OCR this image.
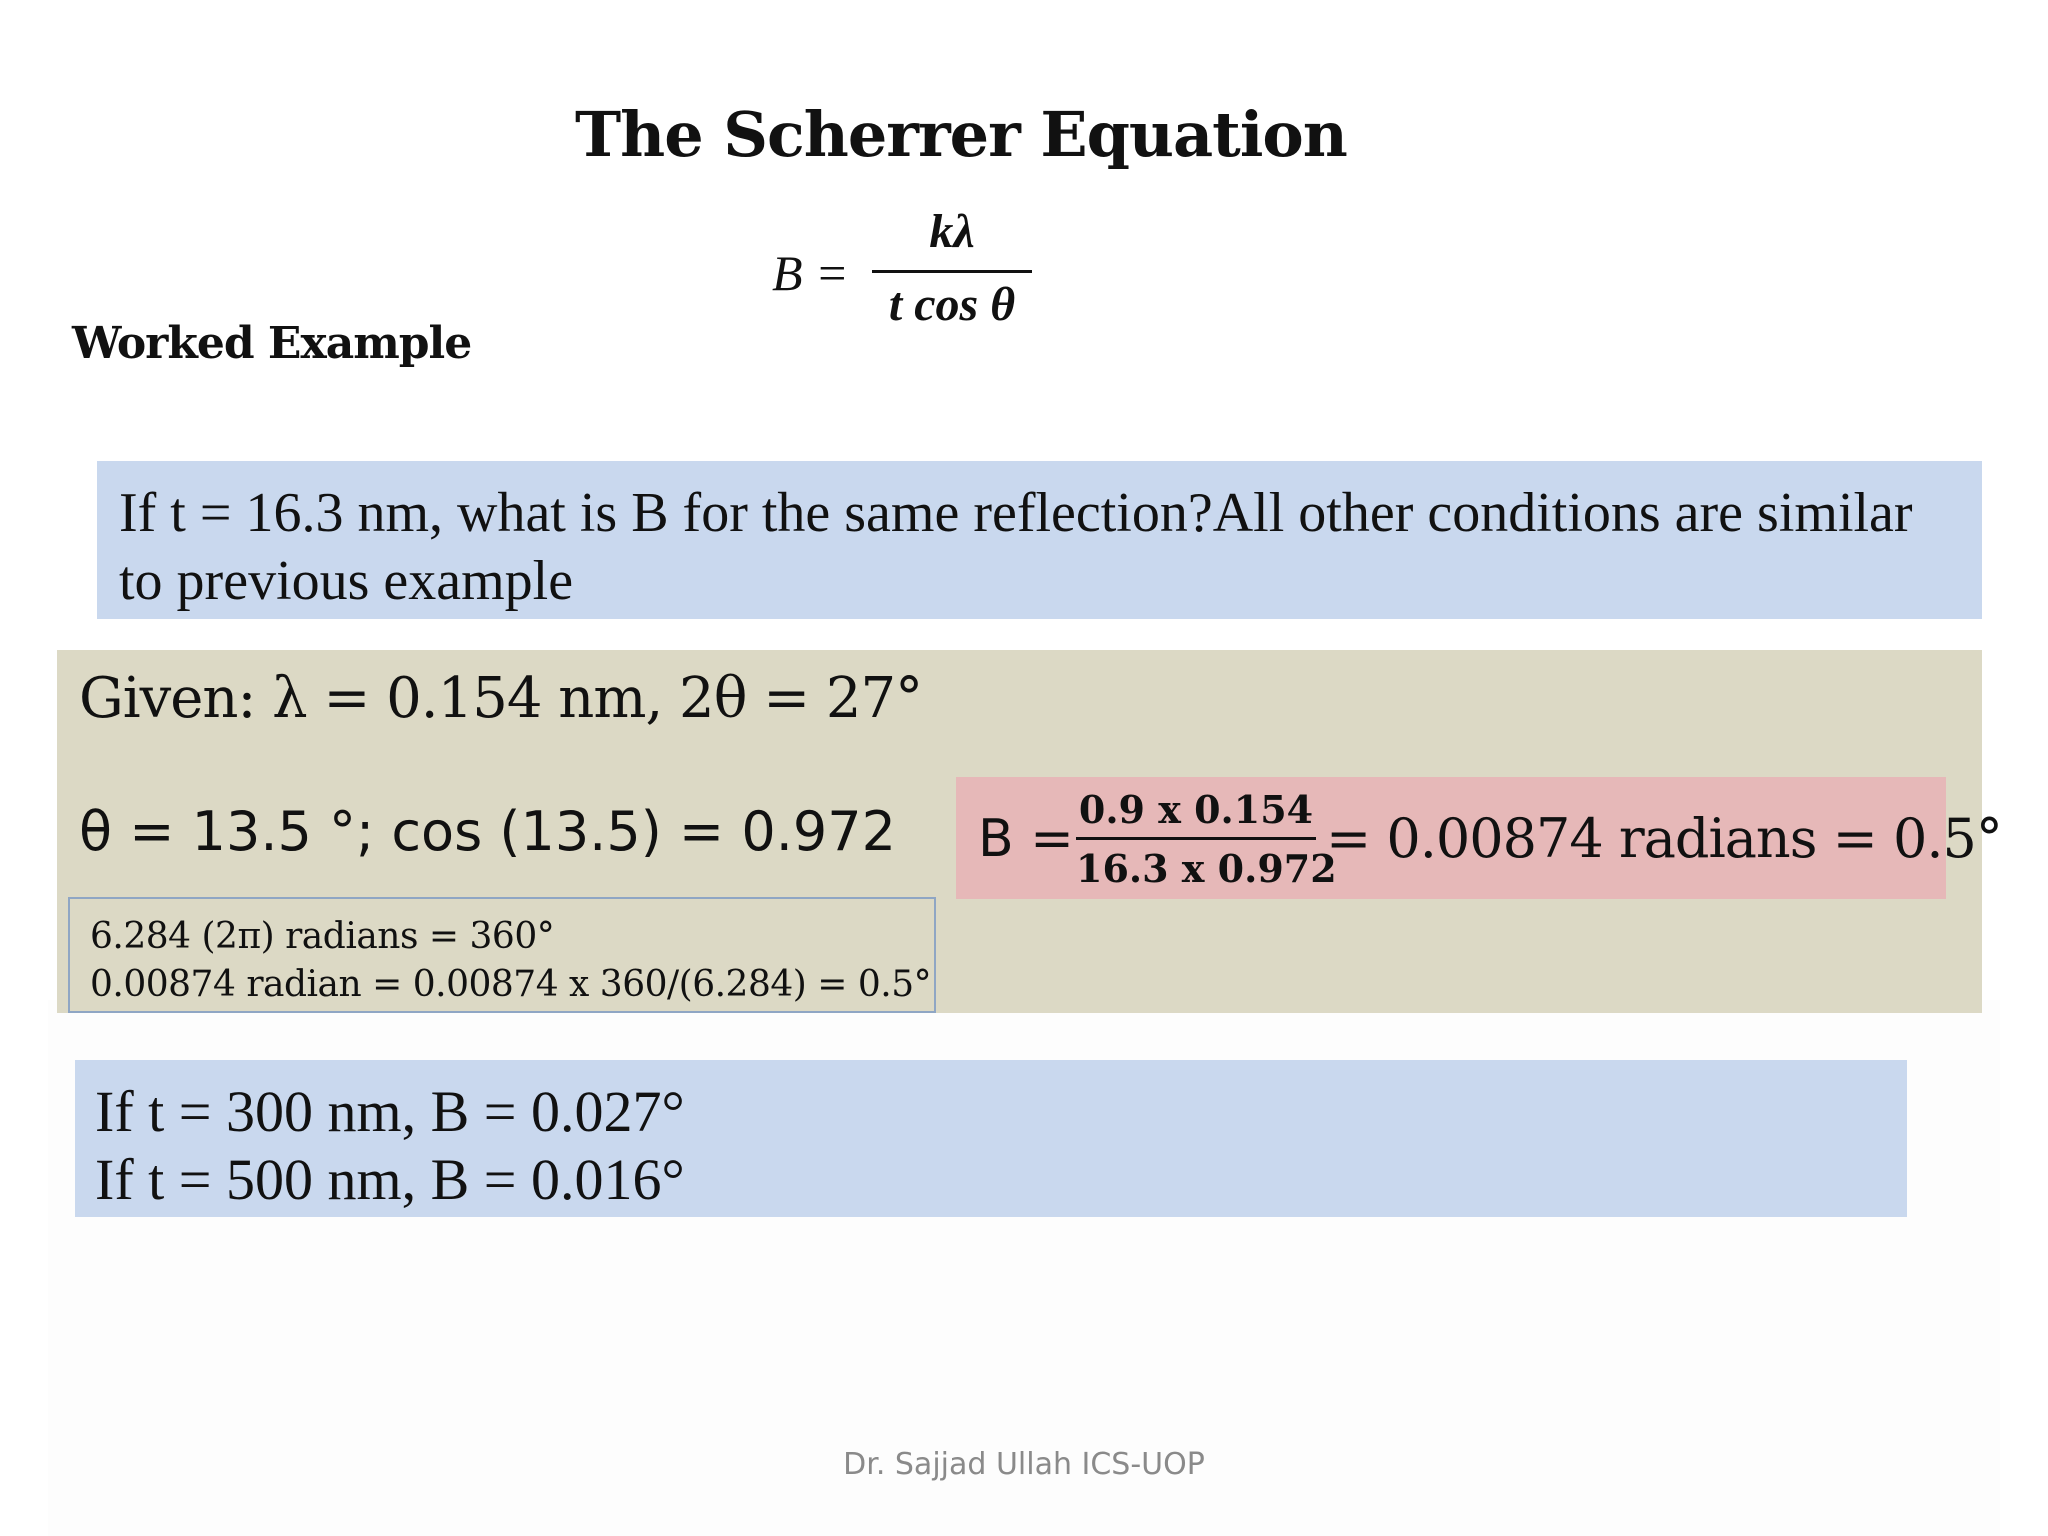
The Scherrer Equation
B =
kλ
t cos θ
Worked Example
If t = 16.3 nm, what is B for the same reflection?All other conditions are similar to previous example
Given: λ = 0.154 nm, 2θ = 27°
θ = 13.5 °; cos (13.5) = 0.972
6.284 (2π) radians = 360°
0.00874 radian = 0.00874 x 360/(6.284) = 0.5°
B = 0.9 x 0.154
16.3 x 0.972
= 0.00874 radians = 0.5°
If t = 300 nm, B = 0.027°
If t = 500 nm, B = 0.016°
Dr. Sajjad Ullah ICS-UOP
